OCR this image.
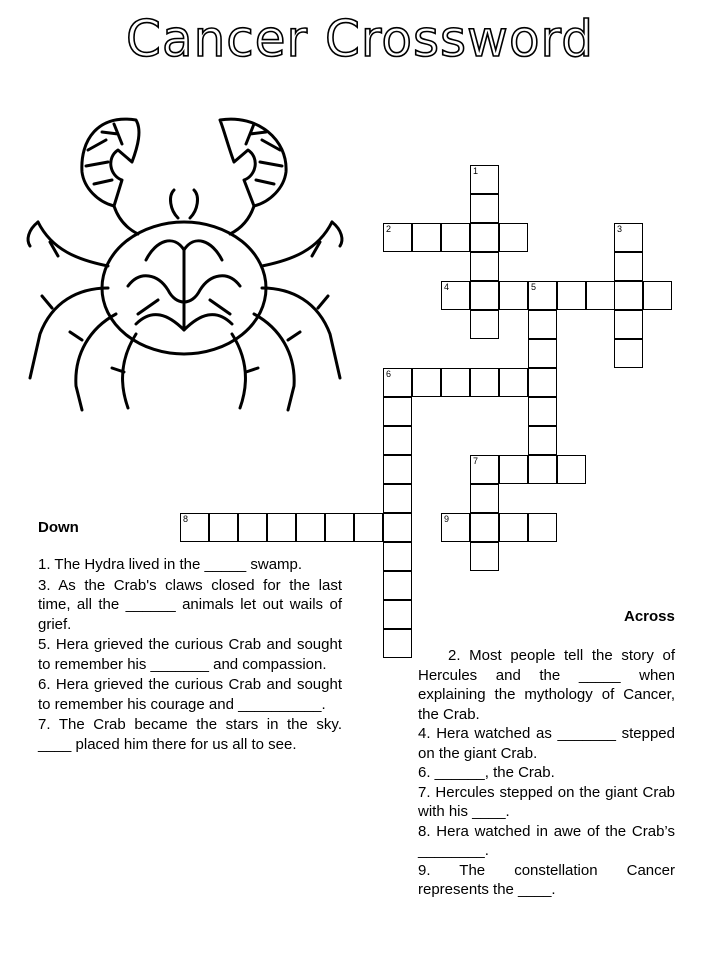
Cancer Crossword
1
2	3
4	5
6
7
8	9
Down

1. The Hydra lived in the _____ swamp.

3. As the Crab's claws closed for the last time, all the ______ animals let out wails of grief.

5. Hera grieved the curious Crab and sought to remember his _______ and compassion.

6. Hera grieved the curious Crab and sought to remember his courage and __________.

7. The Crab became the stars in the sky. ____ placed him there for us all to see.

Across

2. Most people tell the story of Hercules and the _____ when explaining the mythology of Cancer, the Crab.

4. Hera watched as _______ stepped on the giant Crab.

6. ______, the Crab.

7. Hercules stepped on the giant Crab with his ____.

8. Hera watched in awe of the Crab’s ________.

9. The constellation Cancer represents the ____.
